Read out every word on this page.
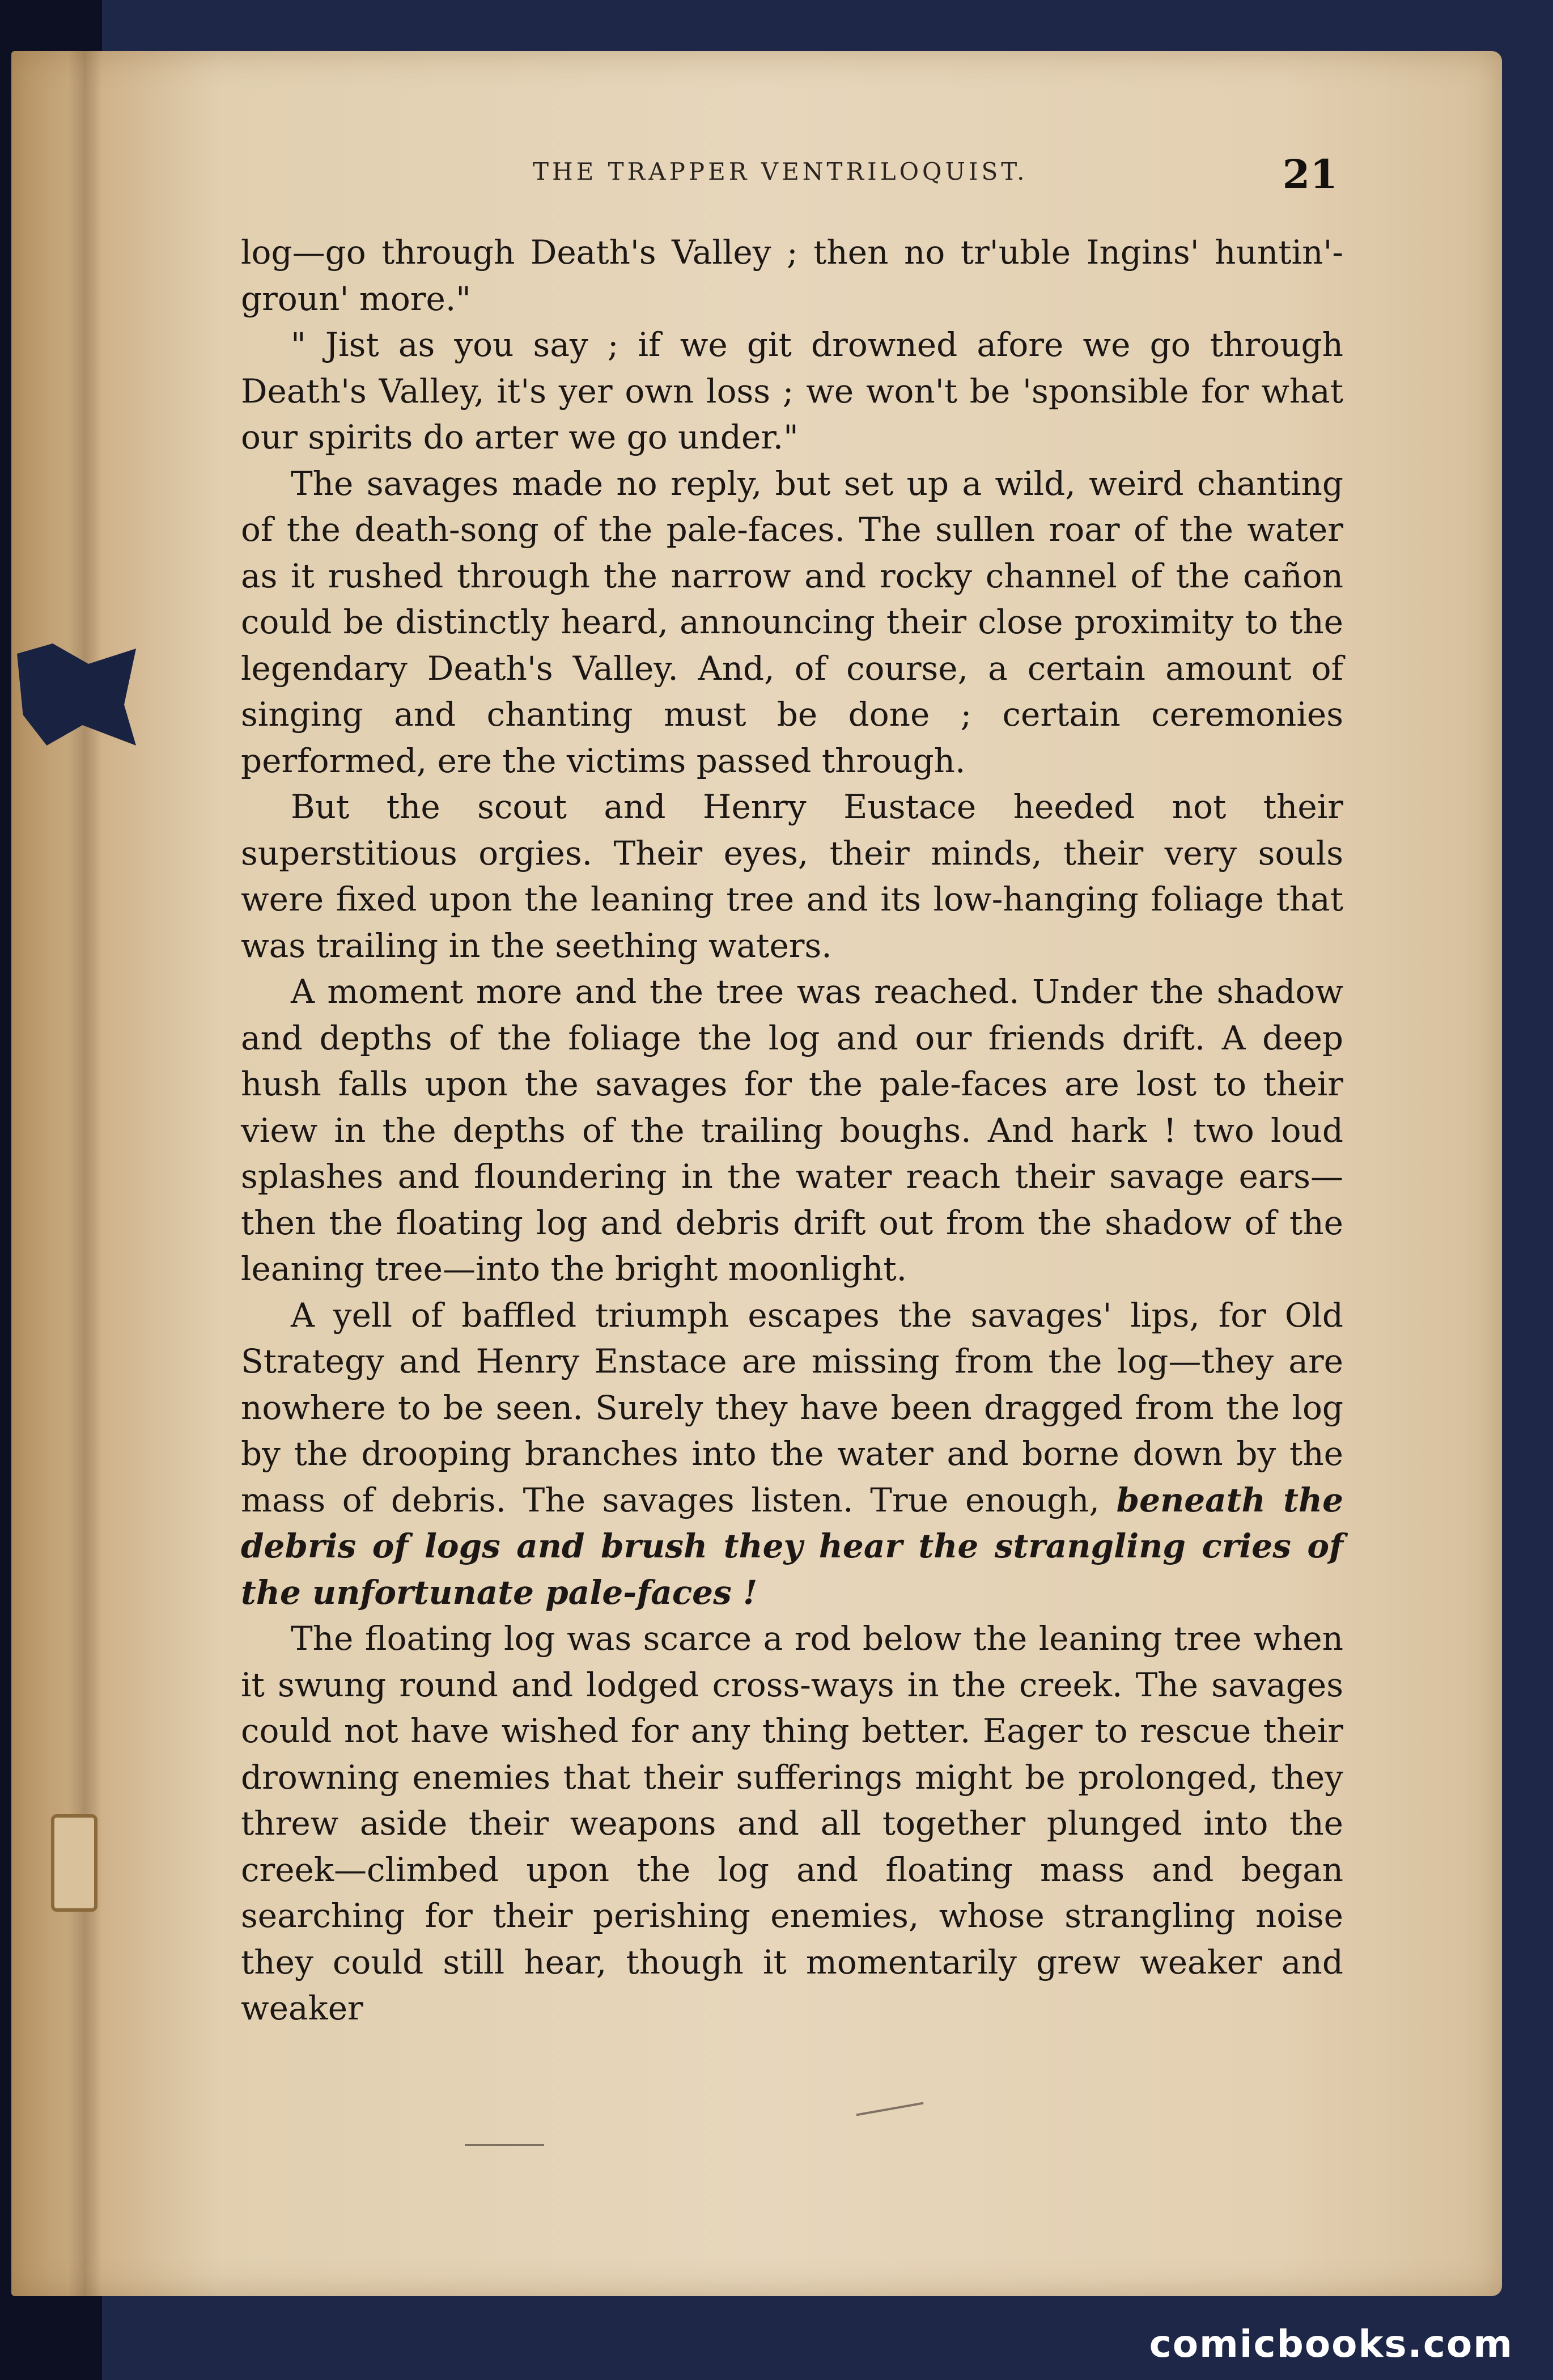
THE TRAPPER VENTRILOQUIST.	21

log—go through Death's Valley ; then no tr'uble Ingins' huntin'-groun' more."

" Jist as you say ; if we git drowned afore we go through Death's Valley, it's yer own loss ; we won't be 'sponsible for what our spirits do arter we go under."

The savages made no reply, but set up a wild, weird chanting of the death-song of the pale-faces. The sullen roar of the water as it rushed through the narrow and rocky channel of the cañon could be distinctly heard, announcing their close proximity to the legendary Death's Valley. And, of course, a certain amount of singing and chanting must be done ; certain ceremonies performed, ere the victims passed through.

But the scout and Henry Eustace heeded not their superstitious orgies. Their eyes, their minds, their very souls were fixed upon the leaning tree and its low-hanging foliage that was trailing in the seething waters.

A moment more and the tree was reached. Under the shadow and depths of the foliage the log and our friends drift. A deep hush falls upon the savages for the pale-faces are lost to their view in the depths of the trailing boughs. And hark ! two loud splashes and floundering in the water reach their savage ears—then the floating log and debris drift out from the shadow of the leaning tree—into the bright moonlight.

A yell of baffled triumph escapes the savages' lips, for Old Strategy and Henry Enstace are missing from the log—they are nowhere to be seen. Surely they have been dragged from the log by the drooping branches into the water and borne down by the mass of debris. The savages listen. True enough, beneath the debris of logs and brush they hear the strangling cries of the unfortunate pale-faces !

The floating log was scarce a rod below the leaning tree when it swung round and lodged cross-ways in the creek. The savages could not have wished for any thing better. Eager to rescue their drowning enemies that their sufferings might be prolonged, they threw aside their weapons and all together plunged into the creek—climbed upon the log and floating mass and began searching for their perishing enemies, whose strangling noise they could still hear, though it momentarily grew weaker and weaker

comicbooks.com
